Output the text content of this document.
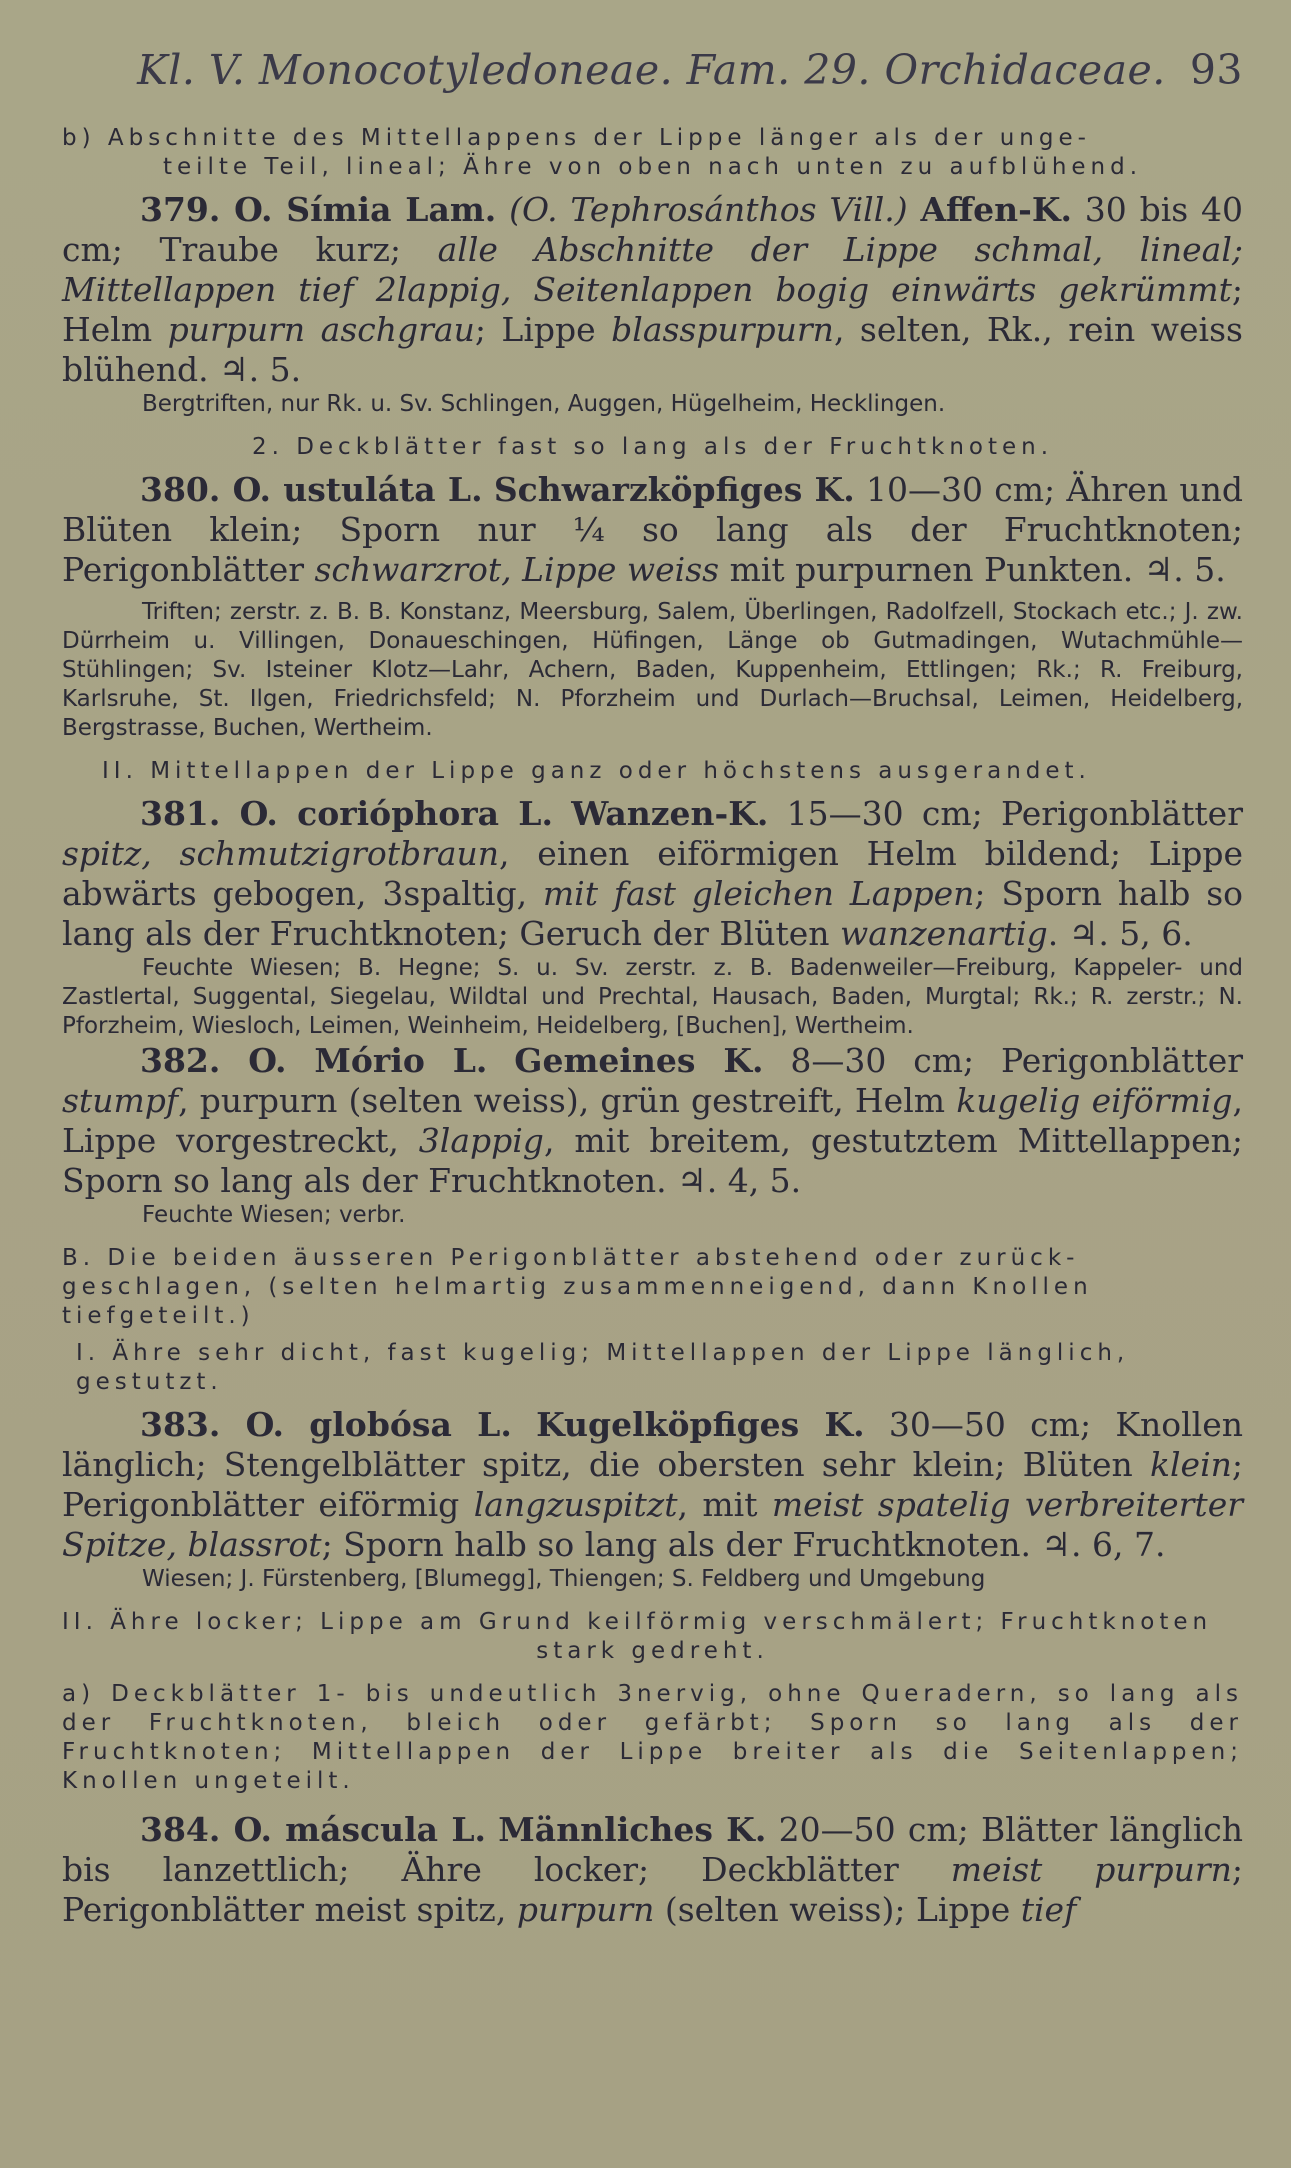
Kl. V. Monocotyledoneae. Fam. 29. Orchidaceae. 93

b) Abschnitte des Mittellappens der Lippe länger als der unge-

teilte Teil, lineal; Ähre von oben nach unten zu aufblühend.

379. O. Símia Lam. (O. Tephrosánthos Vill.) Affen-K. 30 bis 40 cm; Traube kurz; alle Abschnitte der Lippe schmal, lineal; Mittellappen tief 2lappig, Seitenlappen bogig einwärts gekrümmt; Helm purpurn aschgrau; Lippe blasspurpurn, selten, Rk., rein weiss blühend. ♃. 5.

Bergtriften, nur Rk. u. Sv. Schlingen, Auggen, Hügelheim, Hecklingen.

2. Deckblätter fast so lang als der Fruchtknoten.

380. O. ustuláta L. Schwarzköpfiges K. 10—30 cm; Ähren und Blüten klein; Sporn nur ¼ so lang als der Fruchtknoten; Perigonblätter schwarzrot, Lippe weiss mit purpurnen Punkten. ♃. 5.

Triften; zerstr. z. B. B. Konstanz, Meersburg, Salem, Überlingen, Radolfzell, Stockach etc.; J. zw. Dürrheim u. Villingen, Donaueschingen, Hüfingen, Länge ob Gutmadingen, Wutachmühle—Stühlingen; Sv. Isteiner Klotz—Lahr, Achern, Baden, Kuppenheim, Ettlingen; Rk.; R. Freiburg, Karlsruhe, St. Ilgen, Friedrichsfeld; N. Pforzheim und Durlach—Bruchsal, Leimen, Heidelberg, Bergstrasse, Buchen, Wertheim.

II. Mittellappen der Lippe ganz oder höchstens ausgerandet.

381. O. corióphora L. Wanzen-K. 15—30 cm; Perigonblätter spitz, schmutzigrotbraun, einen eiförmigen Helm bildend; Lippe abwärts gebogen, 3spaltig, mit fast gleichen Lappen; Sporn halb so lang als der Fruchtknoten; Geruch der Blüten wanzenartig. ♃. 5, 6.

Feuchte Wiesen; B. Hegne; S. u. Sv. zerstr. z. B. Badenweiler—Freiburg, Kappeler- und Zastlertal, Suggental, Siegelau, Wildtal und Prechtal, Hausach, Baden, Murgtal; Rk.; R. zerstr.; N. Pforzheim, Wiesloch, Leimen, Weinheim, Heidelberg, [Buchen], Wertheim.

382. O. Mório L. Gemeines K. 8—30 cm; Perigonblätter stumpf, purpurn (selten weiss), grün gestreift, Helm kugelig eiförmig, Lippe vorgestreckt, 3lappig, mit breitem, gestutztem Mittellappen; Sporn so lang als der Fruchtknoten. ♃. 4, 5.

Feuchte Wiesen; verbr.

B. Die beiden äusseren Perigonblätter abstehend oder zurück-

geschlagen, (selten helmartig zusammenneigend, dann Knollen tiefgeteilt.)

I. Ähre sehr dicht, fast kugelig; Mittellappen der Lippe länglich, gestutzt.

383. O. globósa L. Kugelköpfiges K. 30—50 cm; Knollen länglich; Stengelblätter spitz, die obersten sehr klein; Blüten klein; Perigonblätter eiförmig langzuspitzt, mit meist spatelig verbreiterter Spitze, blassrot; Sporn halb so lang als der Fruchtknoten. ♃. 6, 7.

Wiesen; J. Fürstenberg, [Blumegg], Thiengen; S. Feldberg und Umgebung

II. Ähre locker; Lippe am Grund keilförmig verschmälert; Fruchtknoten

stark gedreht.

a) Deckblätter 1- bis undeutlich 3nervig, ohne Queradern, so lang als der Fruchtknoten, bleich oder gefärbt; Sporn so lang als der Fruchtknoten; Mittellappen der Lippe breiter als die Seitenlappen; Knollen ungeteilt.

384. O. máscula L. Männliches K. 20—50 cm; Blätter länglich bis lanzettlich; Ähre locker; Deckblätter meist purpurn; Perigonblätter meist spitz, purpurn (selten weiss); Lippe tief
